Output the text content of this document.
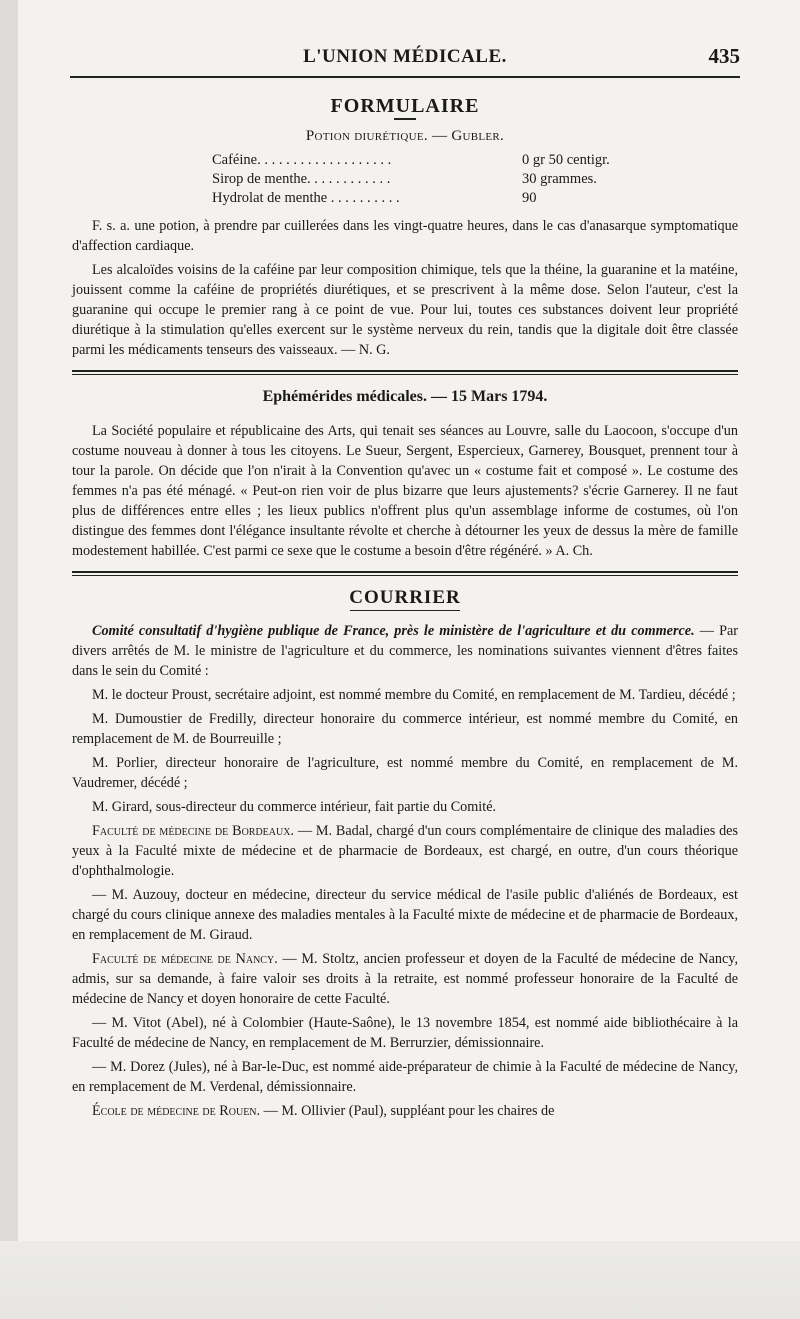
L'UNION MÉDICALE.	435
FORMULAIRE
Potion diurétique. — Gubler.
Caféine. . . . . . . . . . . . . . . . . . .	0 gr 50 centigr.
Sirop de menthe. . . . . . . . . . . .	30 grammes.
Hydrolat de menthe . . . . . . . . . .	90

F. s. a. une potion, à prendre par cuillerées dans les vingt-quatre heures, dans le cas d'anasarque symptomatique d'affection cardiaque.

Les alcaloïdes voisins de la caféine par leur composition chimique, tels que la théine, la guaranine et la matéine, jouissent comme la caféine de propriétés diurétiques, et se prescrivent à la même dose. Selon l'auteur, c'est la guaranine qui occupe le premier rang à ce point de vue. Pour lui, toutes ces substances doivent leur propriété diurétique à la stimulation qu'elles exercent sur le système nerveux du rein, tandis que la digitale doit être classée parmi les médicaments tenseurs des vaisseaux. — N. G.

Ephémérides médicales. — 15 Mars 1794.

La Société populaire et républicaine des Arts, qui tenait ses séances au Louvre, salle du Laocoon, s'occupe d'un costume nouveau à donner à tous les citoyens. Le Sueur, Sergent, Espercieux, Garnerey, Bousquet, prennent tour à tour la parole. On décide que l'on n'irait à la Convention qu'avec un « costume fait et composé ». Le costume des femmes n'a pas été ménagé. « Peut-on rien voir de plus bizarre que leurs ajustements? s'écrie Garnerey. Il ne faut plus de différences entre elles ; les lieux publics n'offrent plus qu'un assemblage informe de costumes, où l'on distingue des femmes dont l'élégance insultante révolte et cherche à détourner les yeux de dessus la mère de famille modestement habillée. C'est parmi ce sexe que le costume a besoin d'être régénéré. » A. Ch.

COURRIER

Comité consultatif d'hygiène publique de France, près le ministère de l'agriculture et du commerce. — Par divers arrêtés de M. le ministre de l'agriculture et du commerce, les nominations suivantes viennent d'êtres faites dans le sein du Comité :

M. le docteur Proust, secrétaire adjoint, est nommé membre du Comité, en remplacement de M. Tardieu, décédé ;

M. Dumoustier de Fredilly, directeur honoraire du commerce intérieur, est nommé membre du Comité, en remplacement de M. de Bourreuille ;

M. Porlier, directeur honoraire de l'agriculture, est nommé membre du Comité, en remplacement de M. Vaudremer, décédé ;

M. Girard, sous-directeur du commerce intérieur, fait partie du Comité.

Faculté de médecine de Bordeaux. — M. Badal, chargé d'un cours complémentaire de clinique des maladies des yeux à la Faculté mixte de médecine et de pharmacie de Bordeaux, est chargé, en outre, d'un cours théorique d'ophthalmologie.

— M. Auzouy, docteur en médecine, directeur du service médical de l'asile public d'aliénés de Bordeaux, est chargé du cours clinique annexe des maladies mentales à la Faculté mixte de médecine et de pharmacie de Bordeaux, en remplacement de M. Giraud.

Faculté de médecine de Nancy. — M. Stoltz, ancien professeur et doyen de la Faculté de médecine de Nancy, admis, sur sa demande, à faire valoir ses droits à la retraite, est nommé professeur honoraire de la Faculté de médecine de Nancy et doyen honoraire de cette Faculté.

— M. Vitot (Abel), né à Colombier (Haute-Saône), le 13 novembre 1854, est nommé aide bibliothécaire à la Faculté de médecine de Nancy, en remplacement de M. Berrurzier, démissionnaire.

— M. Dorez (Jules), né à Bar-le-Duc, est nommé aide-préparateur de chimie à la Faculté de médecine de Nancy, en remplacement de M. Verdenal, démissionnaire.

École de médecine de Rouen. — M. Ollivier (Paul), suppléant pour les chaires de
